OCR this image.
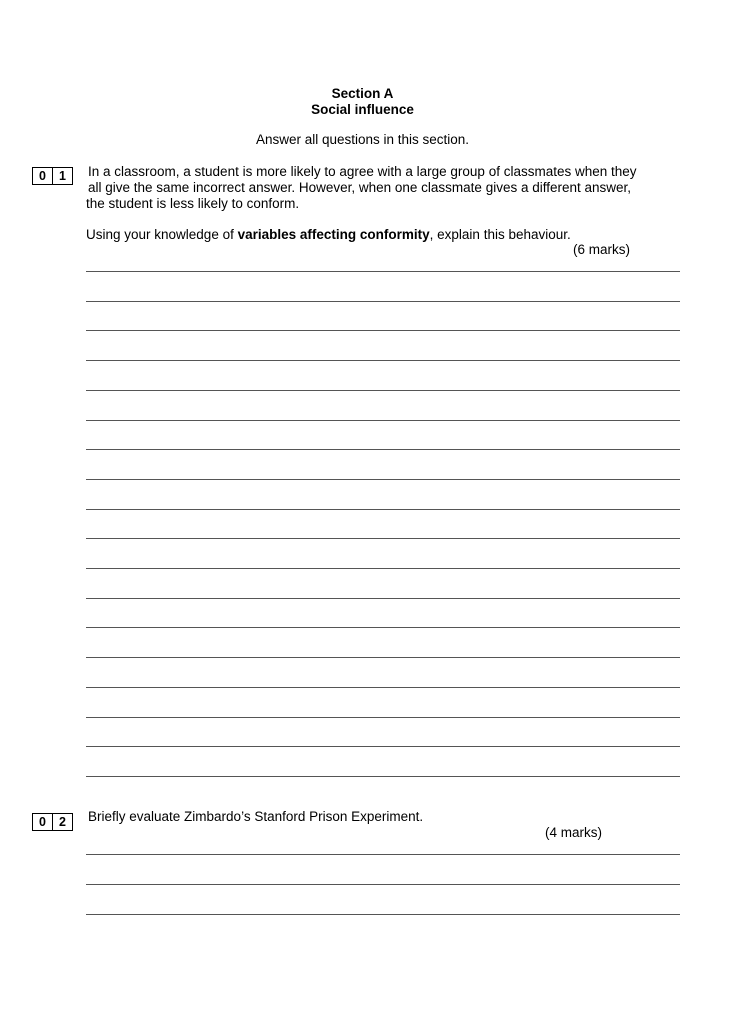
Section A
Social influence
Answer all questions in this section.
0	1	In a classroom, a student is more likely to agree with a large group of classmates when they
all give the same incorrect answer. However, when one classmate gives a different answer,
the student is less likely to conform.
Using your knowledge of variables affecting conformity, explain this behaviour.
(6 marks)
0	2	Briefly evaluate Zimbardo’s Stanford Prison Experiment.
(4 marks)
